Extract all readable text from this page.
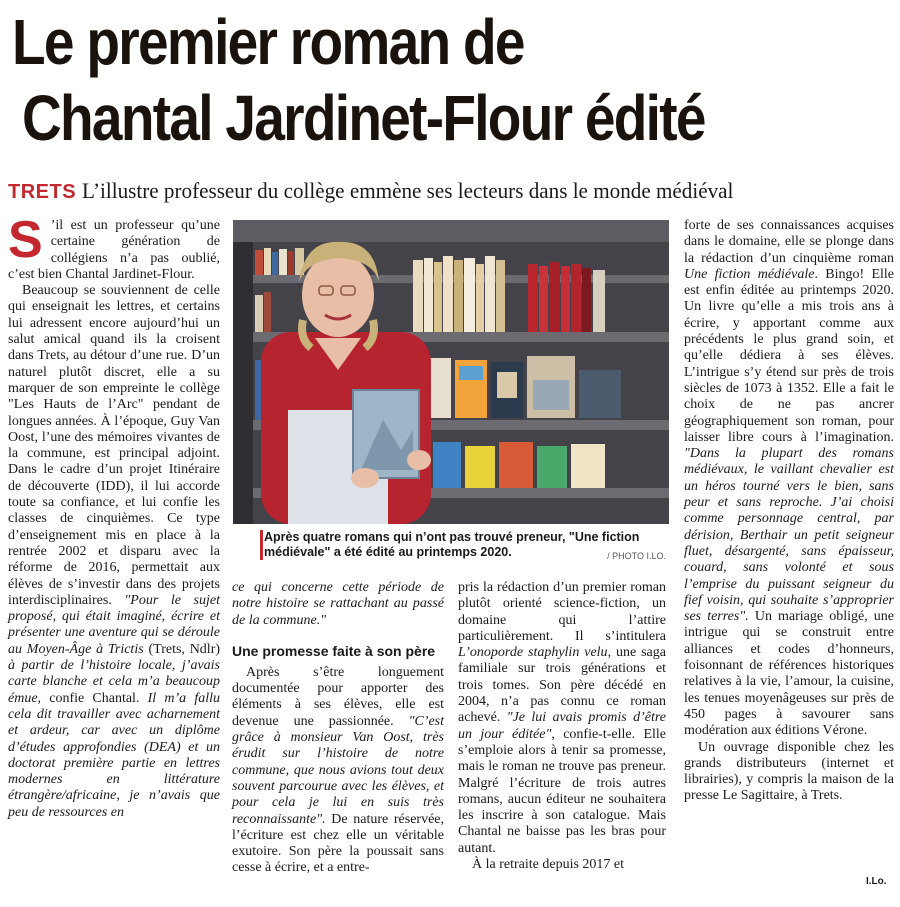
Le premier roman de
Chantal Jardinet-Flour édité
TRETS L’illustre professeur du collège emmène ses lecteurs dans le monde médiéval

S ’il est un professeur qu’une certaine génération de collégiens n’a pas oublié, c’est bien Chantal Jardinet-Flour.

Beaucoup se souviennent de celle qui enseignait les lettres, et certains lui adressent encore aujourd’hui un salut amical quand ils la croisent dans Trets, au détour d’une rue. D’un naturel plutôt discret, elle a su marquer de son empreinte le collège "Les Hauts de l’Arc" pendant de longues années. À l’époque, Guy Van Oost, l’une des mémoires vivantes de la commune, est principal adjoint. Dans le cadre d’un projet Itinéraire de découverte (IDD), il lui accorde toute sa confiance, et lui confie les classes de cinquièmes. Ce type d’enseignement mis en place à la rentrée 2002 et disparu avec la réforme de 2016, permettait aux élèves de s’investir dans des projets interdisciplinaires. "Pour le sujet proposé, qui était imaginé, écrire et présenter une aventure qui se déroule au Moyen-Âge à Trictis (Trets, Ndlr) à partir de l’histoire locale, j’avais carte blanche et cela m’a beaucoup émue, confie Chantal. Il m’a fallu cela dit travailler avec acharnement et ardeur, car avec un diplôme d’études approfondies (DEA) et un doctorat première partie en lettres modernes en littérature étrangère/africaine, je n’avais que peu de ressources en

Après quatre romans qui n’ont pas trouvé preneur, "Une fiction médiévale" a été édité au printemps 2020.	/ PHOTO I.LO.

ce qui concerne cette période de notre histoire se rattachant au passé de la commune."

Une promesse faite à son père

Après s’être longuement documentée pour apporter des éléments à ses élèves, elle est devenue une passionnée. "C’est grâce à monsieur Van Oost, très érudit sur l’histoire de notre commune, que nous avions tout deux souvent parcourue avec les élèves, et pour cela je lui en suis très reconnaissante". De nature réservée, l’écriture est chez elle un véritable exutoire. Son père la poussait sans cesse à écrire, et a entre-

pris la rédaction d’un premier roman plutôt orienté science-fiction, un domaine qui l’attire particulièrement. Il s’intitulera L’onoporde staphylin velu, une saga familiale sur trois générations et trois tomes. Son père décédé en 2004, n’a pas connu ce roman achevé. "Je lui avais promis d’être un jour éditée", confie-t-elle. Elle s’emploie alors à tenir sa promesse, mais le roman ne trouve pas preneur. Malgré l’écriture de trois autres romans, aucun éditeur ne souhaitera les inscrire à son catalogue. Mais Chantal ne baisse pas les bras pour autant.

À la retraite depuis 2017 et

forte de ses connaissances acquises dans le domaine, elle se plonge dans la rédaction d’un cinquième roman Une fiction médiévale. Bingo! Elle est enfin éditée au printemps 2020. Un livre qu’elle a mis trois ans à écrire, y apportant comme aux précédents le plus grand soin, et qu’elle dédiera à ses élèves. L’intrigue s’y étend sur près de trois siècles de 1073 à 1352. Elle a fait le choix de ne pas ancrer géographiquement son roman, pour laisser libre cours à l’imagination. "Dans la plupart des romans médiévaux, le vaillant chevalier est un héros tourné vers le bien, sans peur et sans reproche. J’ai choisi comme personnage central, par dérision, Berthair un petit seigneur fluet, désargenté, sans épaisseur, couard, sans volonté et sous l’emprise du puissant seigneur du fief voisin, qui souhaite s’approprier ses terres". Un mariage obligé, une intrigue qui se construit entre alliances et codes d’honneurs, foisonnant de références historiques relatives à la vie, l’amour, la cuisine, les tenues moyenâgeuses sur près de 450 pages à savourer sans modération aux éditions Vérone.

Un ouvrage disponible chez les grands distributeurs (internet et librairies), y compris la maison de la presse Le Sagittaire, à Trets.

I.Lo.
